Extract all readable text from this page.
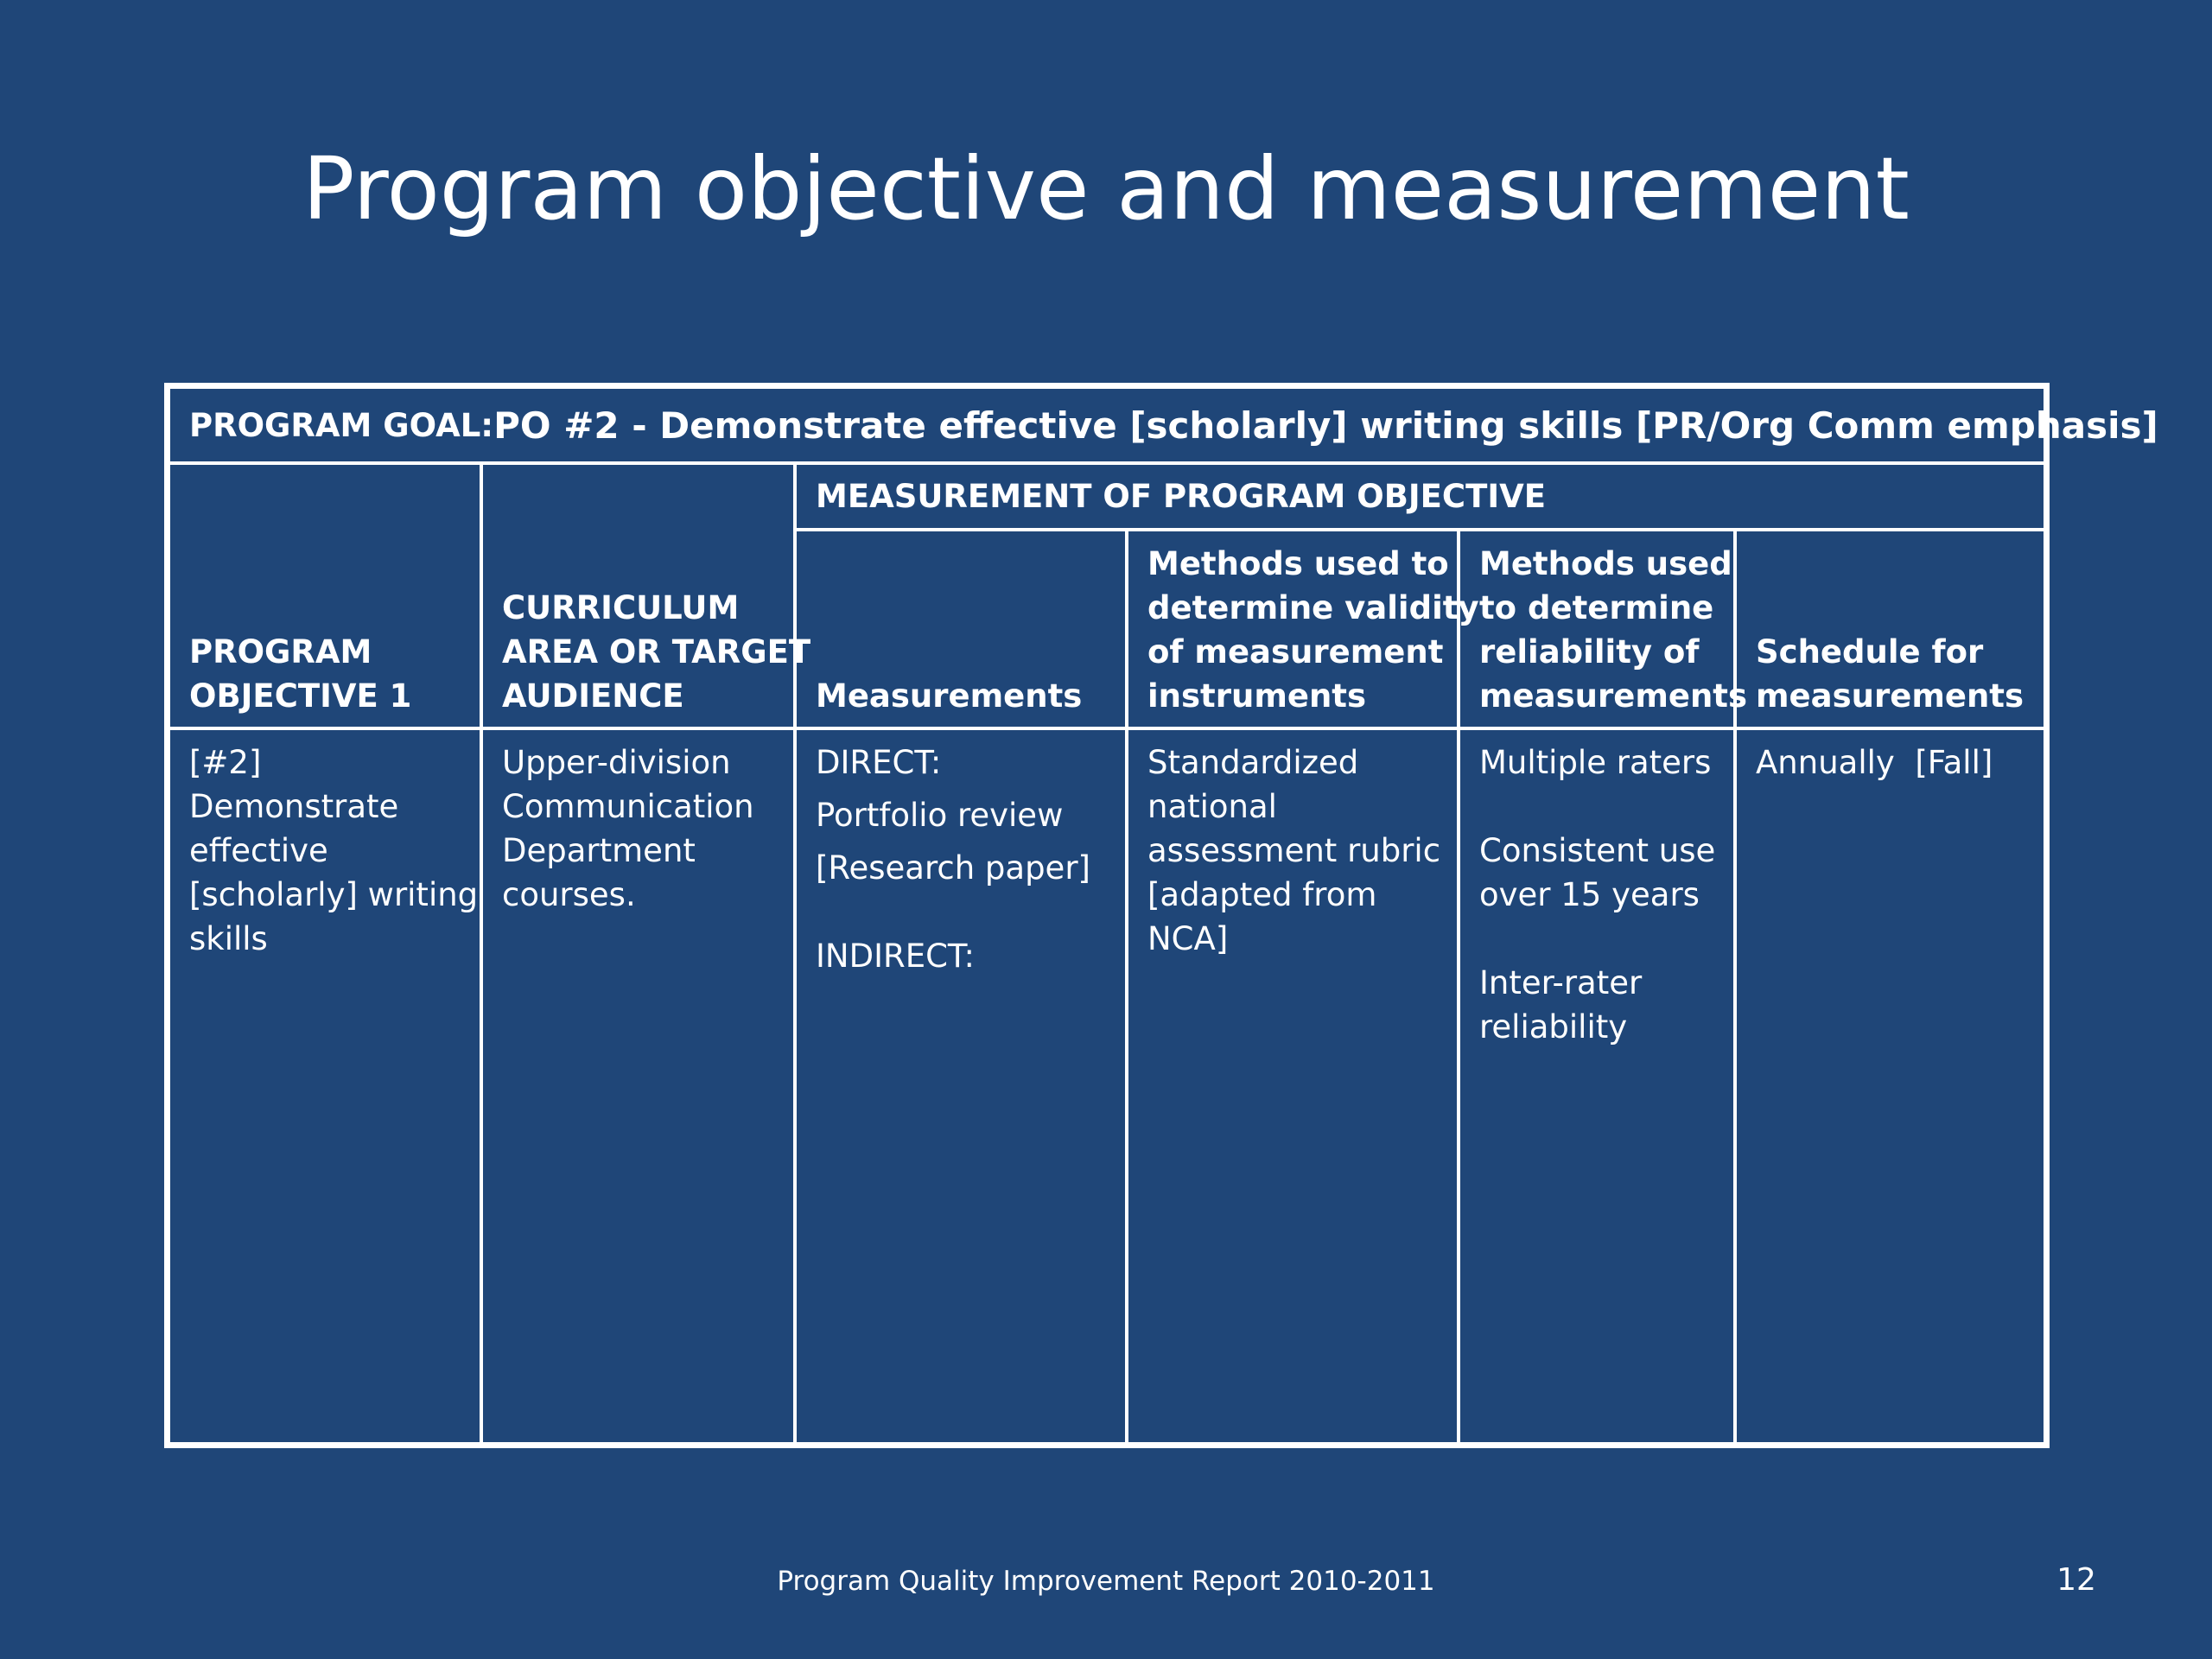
Program objective and measurement
PROGRAM GOAL: PO #2 - Demonstrate effective [scholarly] writing skills [PR/Org Comm emphasis]
PROGRAM
OBJECTIVE 1
CURRICULUM
AREA OR TARGET
AUDIENCE
MEASUREMENT OF PROGRAM OBJECTIVE
Measurements
Methods used to
determine validity
of measurement
instruments
Methods used
to determine
reliability of
measurements
Schedule for
measurements
[#2]
Demonstrate
effective
[scholarly] writing
skills
Upper-division
Communication
Department
courses.
DIRECT:
Portfolio review
[Research paper]
INDIRECT:
Standardized
national
assessment rubric
[adapted from
NCA]
Multiple raters
Consistent use
over 15 years
Inter-rater
reliability
Annually  [Fall]
Program Quality Improvement Report 2010-2011	12
